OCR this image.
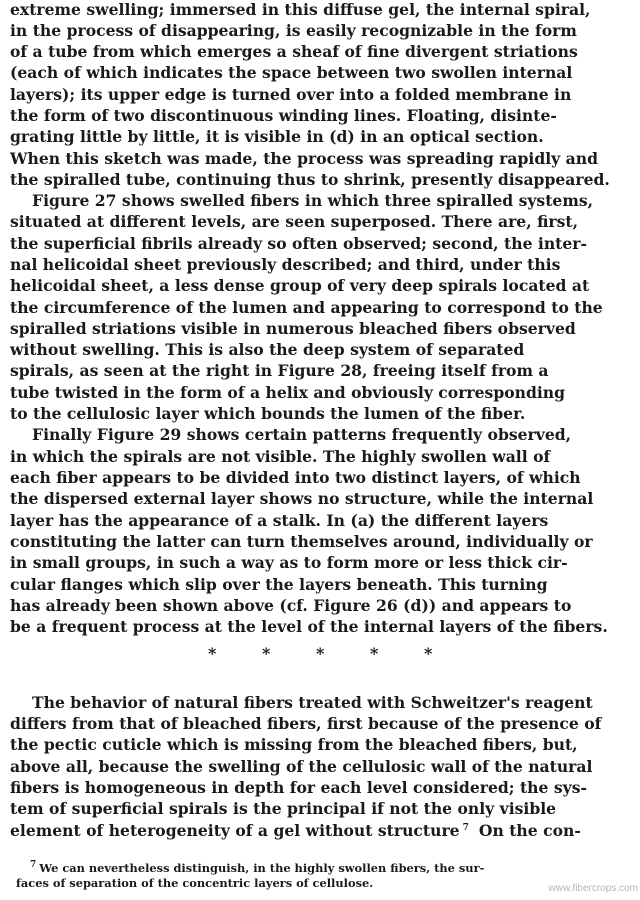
extreme swelling; immersed in this diffuse gel, the internal spiral,
in the process of disappearing, is easily recognizable in the form
of a tube from which emerges a sheaf of fine divergent striations
(each of which indicates the space between two swollen internal
layers); its upper edge is turned over into a folded membrane in
the form of two discontinuous winding lines. Floating, disinte-
grating little by little, it is visible in (d) in an optical section.
When this sketch was made, the process was spreading rapidly and
the spiralled tube, continuing thus to shrink, presently disappeared.
Figure 27 shows swelled fibers in which three spiralled systems,
situated at different levels, are seen superposed. There are, first,
the superficial fibrils already so often observed; second, the inter-
nal helicoidal sheet previously described; and third, under this
helicoidal sheet, a less dense group of very deep spirals located at
the circumference of the lumen and appearing to correspond to the
spiralled striations visible in numerous bleached fibers observed
without swelling. This is also the deep system of separated
spirals, as seen at the right in Figure 28, freeing itself from a
tube twisted in the form of a helix and obviously corresponding
to the cellulosic layer which bounds the lumen of the fiber.
Finally Figure 29 shows certain patterns frequently observed,
in which the spirals are not visible. The highly swollen wall of
each fiber appears to be divided into two distinct layers, of which
the dispersed external layer shows no structure, while the internal
layer has the appearance of a stalk. In (a) the different layers
constituting the latter can turn themselves around, individually or
in small groups, in such a way as to form more or less thick cir-
cular flanges which slip over the layers beneath. This turning
has already been shown above (cf. Figure 26 (d)) and appears to
be a frequent process at the level of the internal layers of the fibers.
*	*	*	*	*
The behavior of natural fibers treated with Schweitzer's reagent
differs from that of bleached fibers, first because of the presence of
the pectic cuticle which is missing from the bleached fibers, but,
above all, because the swelling of the cellulosic wall of the natural
fibers is homogeneous in depth for each level considered; the sys-
tem of superficial spirals is the principal if not the only visible
element of heterogeneity of a gel without structure $^7$ On the con-
$^7$ We can nevertheless distinguish, in the highly swollen fibers, the sur-
faces of separation of the concentric layers of cellulose.	www.fibercrops.com
